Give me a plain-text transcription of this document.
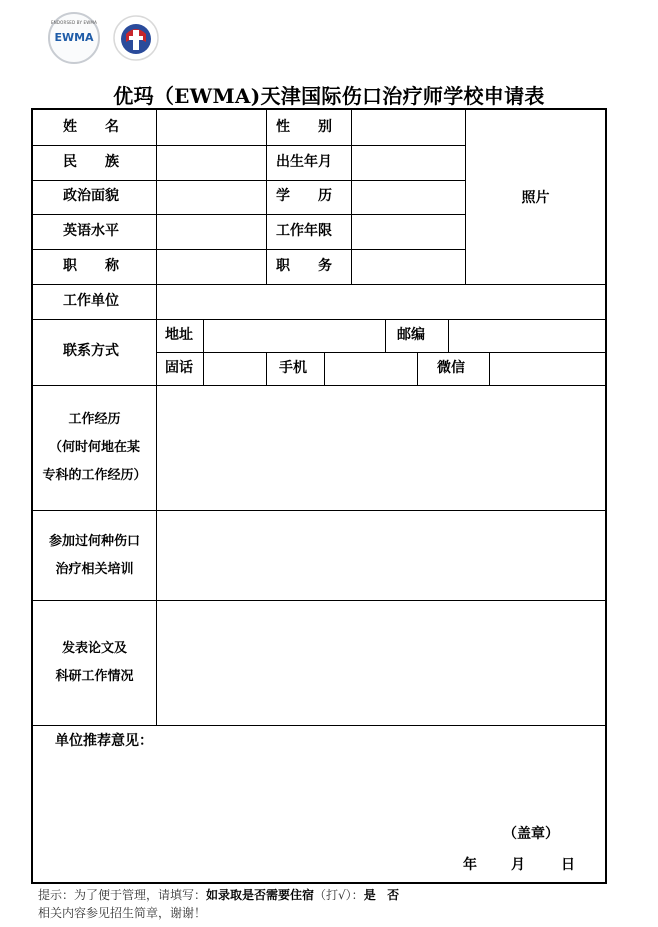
ENDORSED BY EWMA
EWMA
优玛（EWMA)天津国际伤口治疗师学校申请表
姓　　名	性　　别
民　　族	出生年月
政治面貌	学　　历
英语水平	工作年限
职　　称	职　　务
照片
工作单位
联系方式
地址	邮编
固话	手机	微信
工作经历
（何时何地在某
专科的工作经历）
参加过何种伤口
治疗相关培训
发表论文及
科研工作情况
单位推荐意见：
（盖章）
年 月	日
提示：为了便于管理，请填写：如录取是否需要住宿（打√）：是 否
相关内容参见招生简章，谢谢！
